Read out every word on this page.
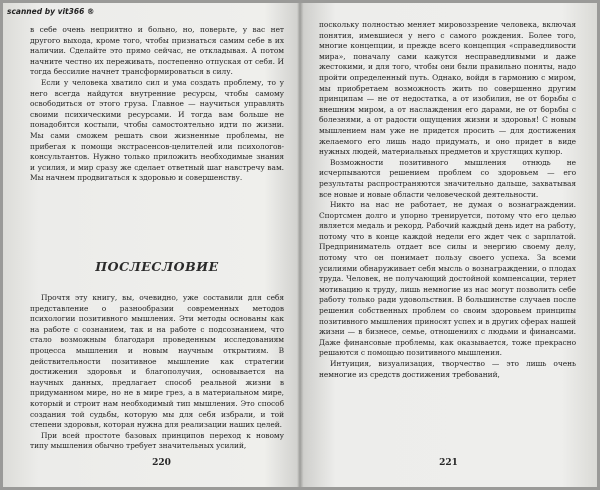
scanned by vit366 ®

в себе очень неприятно и больно, но, поверьте, у вас нет другого выхода, кроме того, чтобы признаться самим себе в их наличии. Сделайте это прямо сейчас, не откладывая. А потом начните честно их переживать, постепенно отпуская от себя. И тогда бессилие начнет трансформироваться в силу.

Если у человека хватило сил и ума создать проблему, то у него всегда найдутся внутренние ресурсы, чтобы самому освободиться от этого груза. Главное — научиться управлять своими психическими ресурсами. И тогда вам больше не понадобятся костыли, чтобы самостоятельно идти по жизни. Мы сами сможем решать свои жизненные проблемы, не прибегая к помощи экстрасенсов-целителей или психологов-консультантов. Нужно только приложить необходимые знания и усилия, и мир сразу же сделает ответный шаг навстречу вам. Мы начнем продвигаться к здоровью и совершенству.

ПОСЛЕСЛОВИЕ

Прочтя эту книгу, вы, очевидно, уже составили для себя представление о разнообразии современных методов психологии позитивного мышления. Эти методы основаны как на работе с сознанием, так и на работе с подсознанием, что стало возможным благодаря проведенным исследованиям процесса мышления и новым научным открытиям. В действительности позитивное мышление как стратегии достижения здоровья и благополучия, основывается на научных данных, предлагает способ реальной жизни в придуманном мире, но не в мире грез, а в материальном мире, который и строит нам необходимый тип мышления. Это способ создания той судьбы, которую мы для себя избрали, и той степени здоровья, которая нужна для реализации наших целей.

При всей простоте базовых принципов переход к новому типу мышления обычно требует значительных усилий,

220

поскольку полностью меняет мировоззрение человека, включая понятия, имевшиеся у него с самого рождения. Более того, многие концепции, и прежде всего концепция «справедливости мира», поначалу сами кажутся несправедливыми и даже жестокими, и для того, чтобы они были правильно поняты, надо пройти определенный путь. Однако, войдя в гармонию с миром, мы приобретаем возможность жить по совершенно другим принципам — не от недостатка, а от изобилия, не от борьбы с внешним миром, а от наслаждения его дарами, не от борьбы с болезнями, а от радости ощущения жизни и здоровья! С новым мышлением нам уже не придется просить — для достижения желаемого его лишь надо придумать, и оно придет в виде нужных людей, материальных предметов и хрустящих купюр.

Возможности позитивного мышления отнюдь не исчерпываются решением проблем со здоровьем — его результаты распространяются значительно дальше, захватывая все новые и новые области человеческой деятельности.

Никто на нас не работает, не думая о вознаграждении. Спортсмен долго и упорно тренируется, потому что его целью является медаль и рекорд. Рабочий каждый день идет на работу, потому что в конце каждой недели его ждет чек с зарплатой. Предприниматель отдает все силы и энергию своему делу, потому что он понимает пользу своего успеха. За всеми усилиями обнаруживает себя мысль о вознаграждении, о плодах труда. Человек, не получающий достойной компенсации, теряет мотивацию к труду, лишь немногие из нас могут позволить себе работу только ради удовольствия. В большинстве случаев после решения собственных проблем со своим здоровьем принципы позитивного мышления приносят успех и в других сферах нашей жизни — в бизнесе, семье, отношениях с людьми и финансами. Даже финансовые проблемы, как оказывается, тоже прекрасно решаются с помощью позитивного мышления.

Интуиция, визуализация, творчество — это лишь очень немногие из средств достижения требований,

221
